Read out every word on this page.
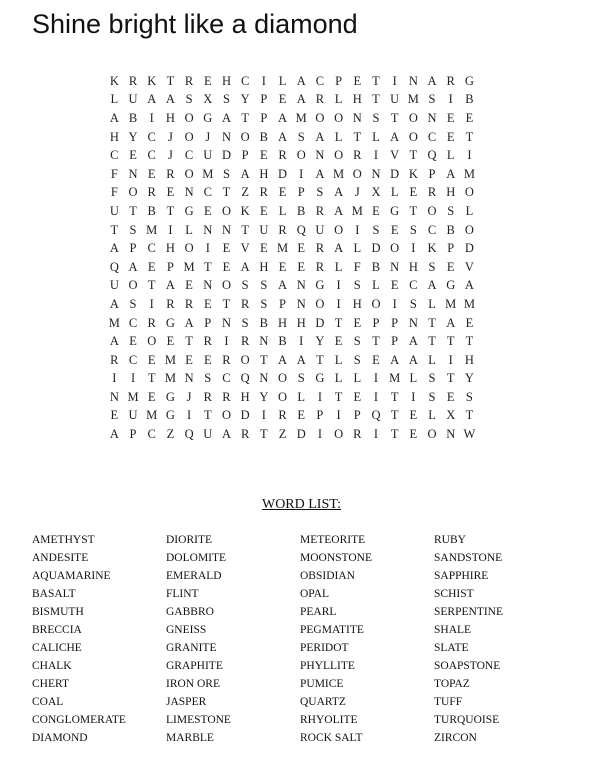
Shine bright like a diamond
K R K T R E H C I	L A C P E T	I N A R G
L U A A S X S Y P E A R L H T U M S	I B
A B I H O G A T P A M O O N S T O N E E
H Y C J O J N O B A S A L T L A O C E T
C E C J C U D P E R O N O R I V T Q L	I
F N E R O M S A H D I A M O N D K P A M
F O R E N C T Z R E P S A J X L E R H O
U T B T G E O K E L B R A M E G T O S L
T S M I	L N N T U R Q U O I	S E S C B O
A P C H O I	E V E M E R A L D O I K P D
Q A E P M T E A H E E R L F B N H S E V
U O T A E N O S S A N G I	S L E C A G A
A S	I R R E T R S P N O I H O I	S L M M
M C R G A P N S B H H D T E P P N T A E
A E O E T R I R N B I Y E S T P A T T T
R C E M E E R O T A A T L S E A A L	I H
I	I	T M N S C Q N O S G L L	I M L S T Y
N M E G J R R H Y O L	I	T E	I	T	I	S E S
E U M G I	T O D I R E P	I	P Q T E L X T
A P C Z Q U A R T Z D I O R I	T E O N W
WORD LIST:
AMETHYST
ANDESITE
AQUAMARINE
BASALT
BISMUTH
BRECCIA
CALICHE
CHALK
CHERT
COAL
CONGLOMERATE
DIAMOND
DIORITE
DOLOMITE
EMERALD
FLINT
GABBRO
GNEISS
GRANITE
GRAPHITE
IRON ORE
JASPER
LIMESTONE
MARBLE
METEORITE
MOONSTONE
OBSIDIAN
OPAL
PEARL
PEGMATITE
PERIDOT
PHYLLITE
PUMICE
QUARTZ
RHYOLITE
ROCK SALT
RUBY
SANDSTONE
SAPPHIRE
SCHIST
SERPENTINE
SHALE
SLATE
SOAPSTONE
TOPAZ
TUFF
TURQUOISE
ZIRCON
